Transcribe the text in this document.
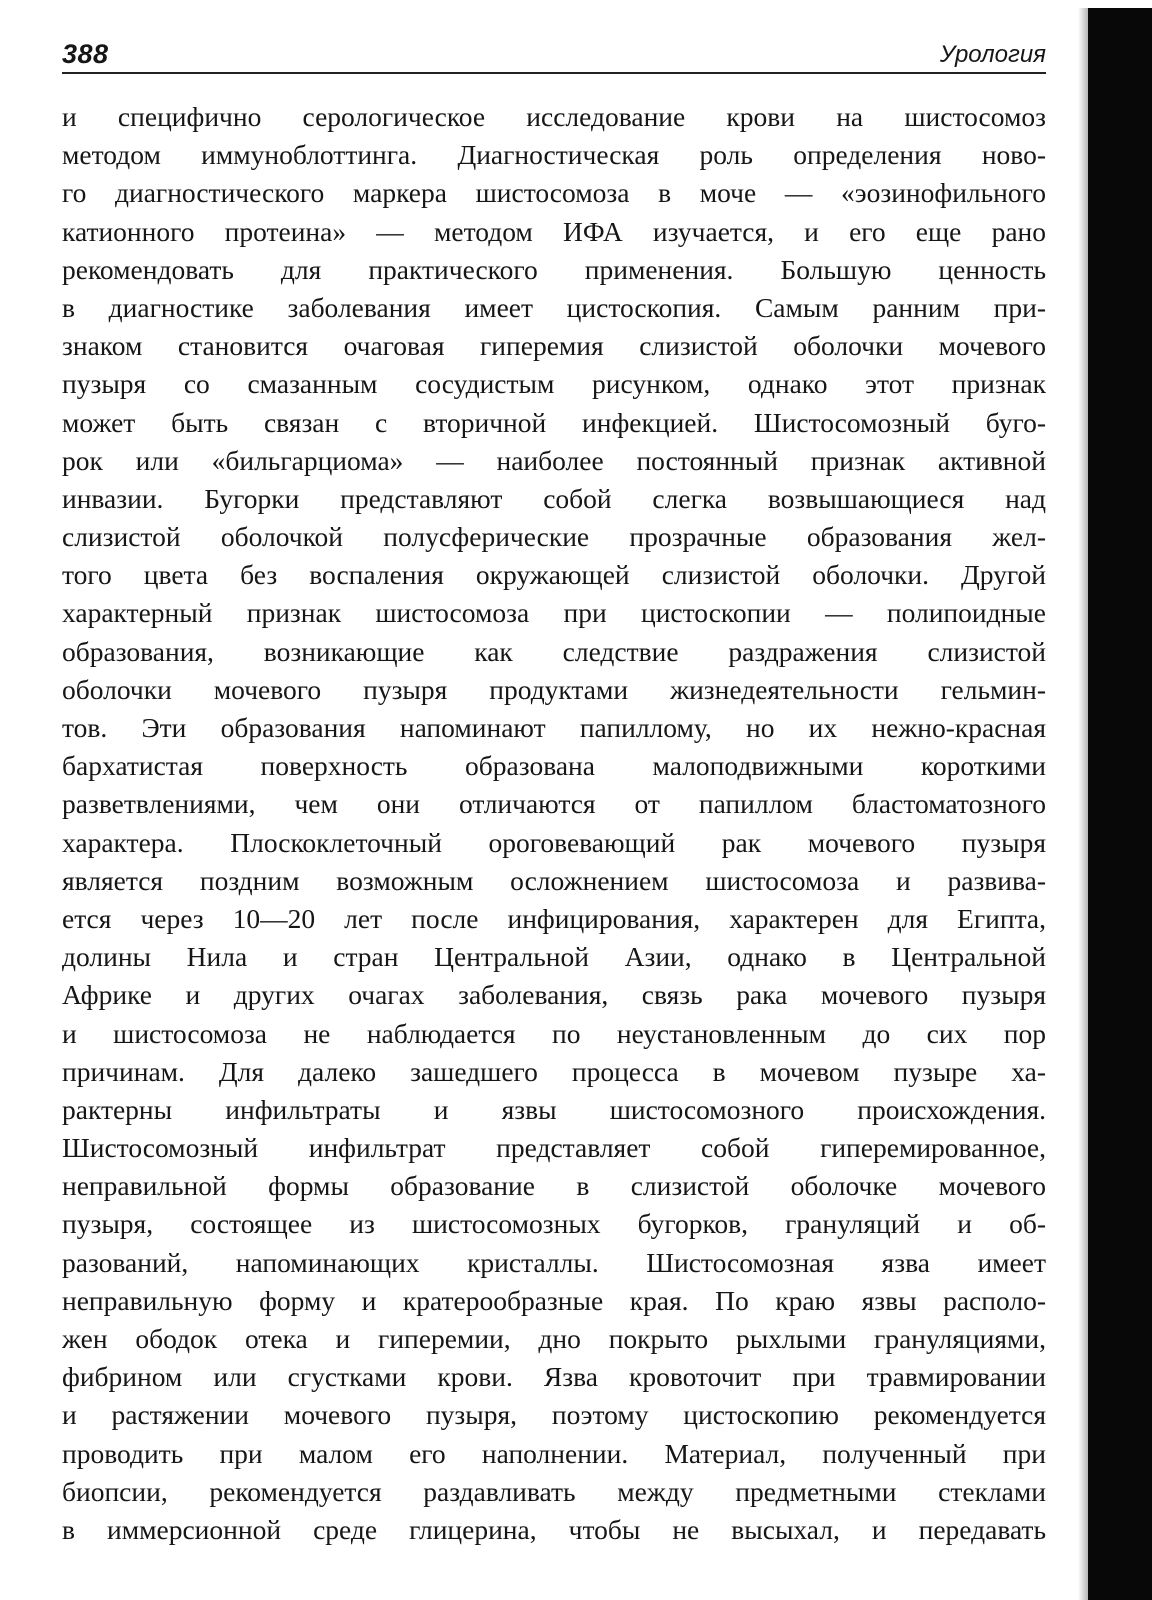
388	Урология
и специфично серологическое исследование крови на шистосомоз
методом иммуноблоттинга. Диагностическая роль определения ново-
го диагностического маркера шистосомоза в моче — «эозинофильного
катионного протеина» — методом ИФА изучается, и его еще рано
рекомендовать для практического применения. Большую ценность
в диагностике заболевания имеет цистоскопия. Самым ранним при-
знаком становится очаговая гиперемия слизистой оболочки мочевого
пузыря со смазанным сосудистым рисунком, однако этот признак
может быть связан с вторичной инфекцией. Шистосомозный буго-
рок или «бильгарциома» — наиболее постоянный признак активной
инвазии. Бугорки представляют собой слегка возвышающиеся над
слизистой оболочкой полусферические прозрачные образования жел-
того цвета без воспаления окружающей слизистой оболочки. Другой
характерный признак шистосомоза при цистоскопии — полипоидные
образования, возникающие как следствие раздражения слизистой
оболочки мочевого пузыря продуктами жизнедеятельности гельмин-
тов. Эти образования напоминают папиллому, но их нежно-красная
бархатистая поверхность образована малоподвижными короткими
разветвлениями, чем они отличаются от папиллом бластоматозного
характера. Плоскоклеточный ороговевающий рак мочевого пузыря
является поздним возможным осложнением шистосомоза и развива-
ется через 10—20 лет после инфицирования, характерен для Египта,
долины Нила и стран Центральной Азии, однако в Центральной
Африке и других очагах заболевания, связь рака мочевого пузыря
и шистосомоза не наблюдается по неустановленным до сих пор
причинам. Для далеко зашедшего процесса в мочевом пузыре ха-
рактерны инфильтраты и язвы шистосомозного происхождения.
Шистосомозный инфильтрат представляет собой гиперемированное,
неправильной формы образование в слизистой оболочке мочевого
пузыря, состоящее из шистосомозных бугорков, грануляций и об-
разований, напоминающих кристаллы. Шистосомозная язва имеет
неправильную форму и кратерообразные края. По краю язвы располо-
жен ободок отека и гиперемии, дно покрыто рыхлыми грануляциями,
фибрином или сгустками крови. Язва кровоточит при травмировании
и растяжении мочевого пузыря, поэтому цистоскопию рекомендуется
проводить при малом его наполнении. Материал, полученный при
биопсии, рекомендуется раздавливать между предметными стеклами
в иммерсионной среде глицерина, чтобы не высыхал, и передавать
